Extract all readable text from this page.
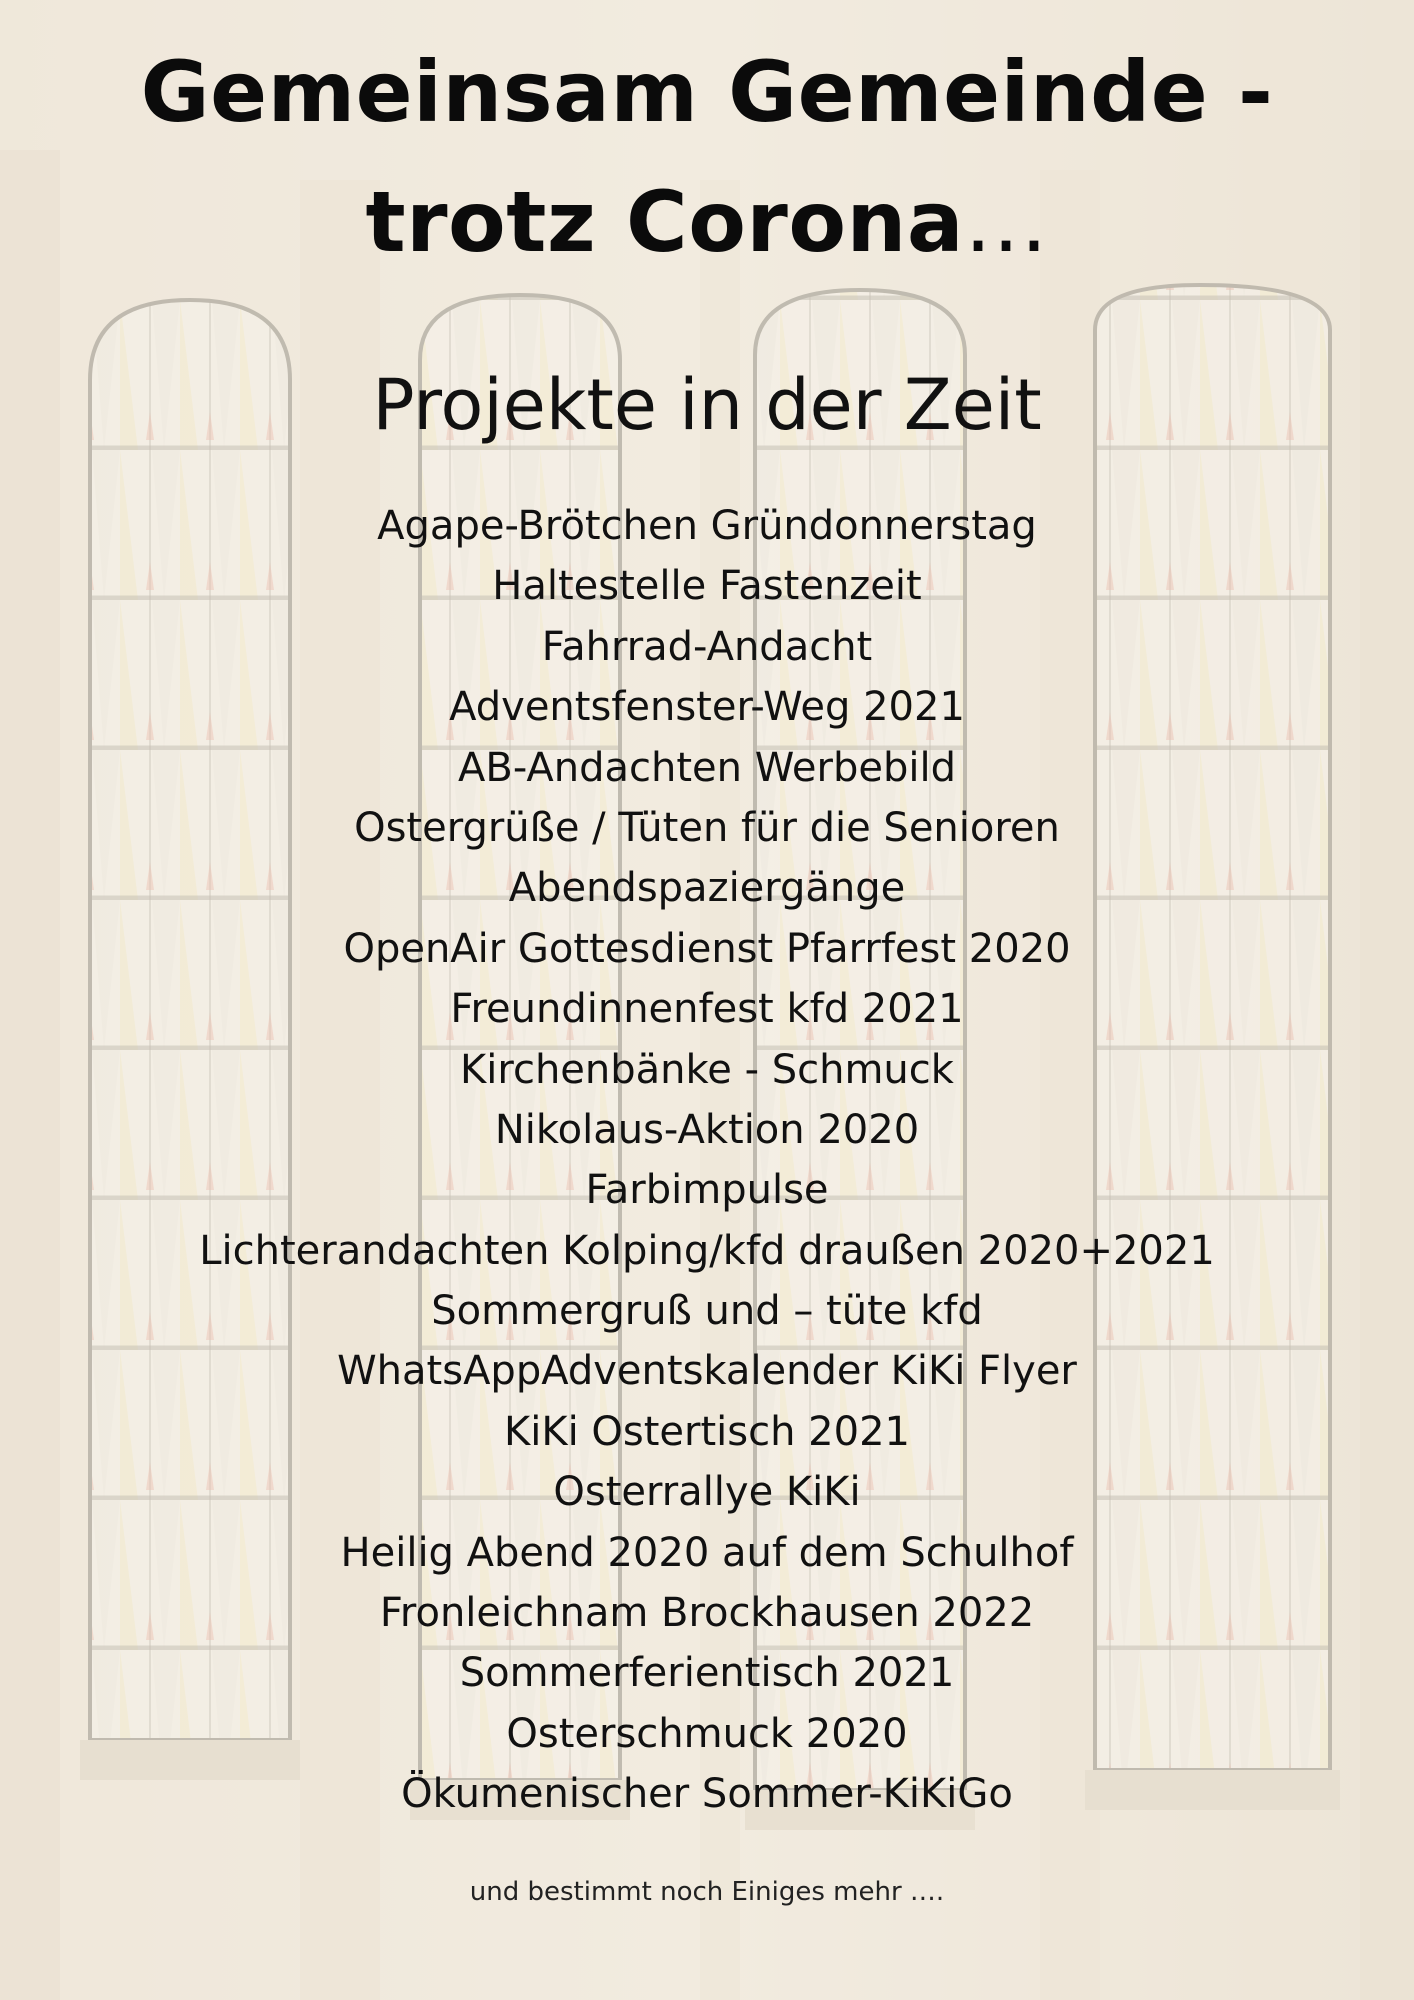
Gemeinsam Gemeinde -
trotz Corona…
Projekte in der Zeit
Agape-Brötchen Gründonnerstag
Haltestelle Fastenzeit
Fahrrad-Andacht
Adventsfenster-Weg 2021
AB-Andachten Werbebild
Ostergrüße / Tüten für die Senioren
Abendspaziergänge
OpenAir Gottesdienst Pfarrfest 2020
Freundinnenfest kfd 2021
Kirchenbänke - Schmuck
Nikolaus-Aktion 2020
Farbimpulse
Lichterandachten Kolping/kfd draußen 2020+2021
Sommergruß und – tüte kfd
WhatsAppAdventskalender KiKi Flyer
KiKi Ostertisch 2021
Osterrallye KiKi
Heilig Abend 2020 auf dem Schulhof
Fronleichnam Brockhausen 2022
Sommerferientisch 2021
Osterschmuck 2020
Ökumenischer Sommer-KiKiGo

und bestimmt noch Einiges mehr ….
